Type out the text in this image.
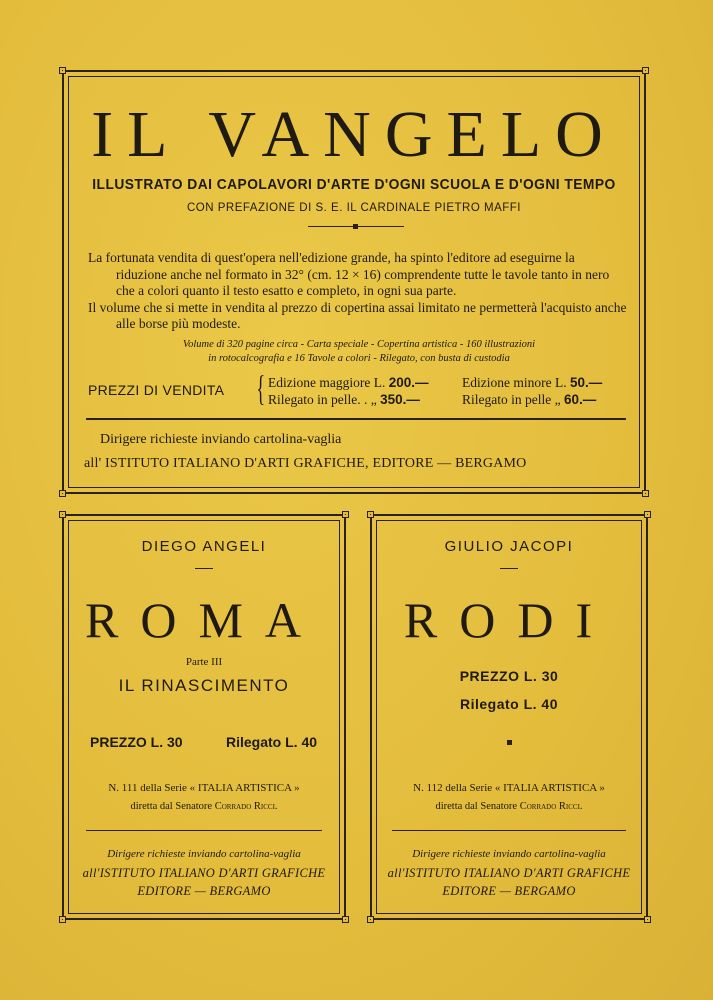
IL VANGELO
ILLUSTRATO DAI CAPOLAVORI D'ARTE D'OGNI SCUOLA E D'OGNI TEMPO
CON PREFAZIONE DI S. E. IL CARDINALE PIETRO MAFFI

La fortunata vendita di quest'opera nell'edizione grande, ha spinto l'editore ad eseguirne la riduzione anche nel formato in 32° (cm. 12 × 16) comprendente tutte le tavole tanto in nero che a colori quanto il testo esatto e completo, in ogni sua parte.

Il volume che si mette in vendita al prezzo di copertina assai limitato ne permetterà l'acquisto anche alle borse più modeste.

Volume di 320 pagine circa - Carta speciale - Copertina artistica - 160 illustrazioni
in rotocalcografia e 16 Tavole a colori - Rilegato, con busta di custodia
PREZZI DI VENDITA { Edizione maggiore L. 200.—
Rilegato in pelle. . „ 350.—
Edizione minore L. 50.—
Rilegato in pelle „ 60.—
Dirigere richieste inviando cartolina-vaglia
all' ISTITUTO ITALIANO D'ARTI GRAFICHE, EDITORE — BERGAMO
DIEGO ANGELI
ROMA
Parte III
IL RINASCIMENTO
PREZZO L. 30	Rilegato L. 40
N. 111 della Serie « ITALIA ARTISTICA »
diretta dal Senatore Corrado Ricci.
Dirigere richieste inviando cartolina-vaglia
all'ISTITUTO ITALIANO D'ARTI GRAFICHE
EDITORE — BERGAMO
GIULIO JACOPI
RODI
PREZZO L. 30
Rilegato L. 40
N. 112 della Serie « ITALIA ARTISTICA »
diretta dal Senatore Corrado Ricci.
Dirigere richieste inviando cartolina-vaglia
all'ISTITUTO ITALIANO D'ARTI GRAFICHE
EDITORE — BERGAMO
